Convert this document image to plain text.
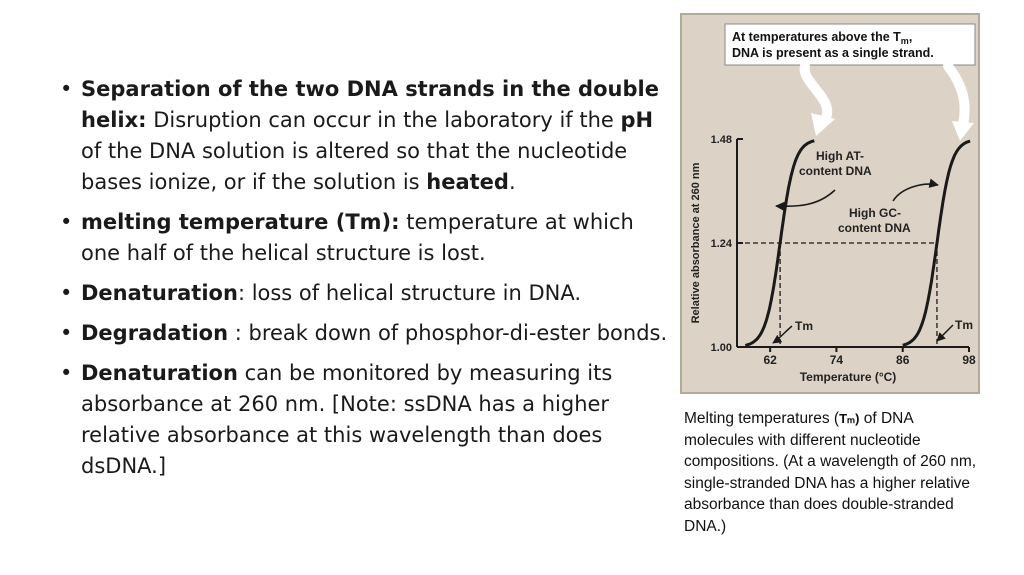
• Separation of the two DNA strands in the double helix: Disruption can occur in the laboratory if the pH of the DNA solution is altered so that the nucleotide bases ionize, or if the solution is heated.
• melting temperature (Tm): temperature at which one half of the helical structure is lost.
• Denaturation: loss of helical structure in DNA.
• Degradation : break down of phosphor-di-ester bonds.
• Denaturation can be monitored by measuring its absorbance at 260 nm. [Note: ssDNA has a higher relative absorbance at this wavelength than does dsDNA.]
At temperatures above the $T_m$,
DNA is present as a single strand.
1.00
1.24
1.48
62	74	86	98
Relative absorbance at 260 nm
Temperature (°C)
High AT- content DNA
High GC- content DNA
Tm	Tm
Melting temperatures (Tₘ) of DNA molecules with different nucleotide compositions. (At a wavelength of 260 nm, single-stranded DNA has a higher relative absorbance than does double-stranded DNA.)
